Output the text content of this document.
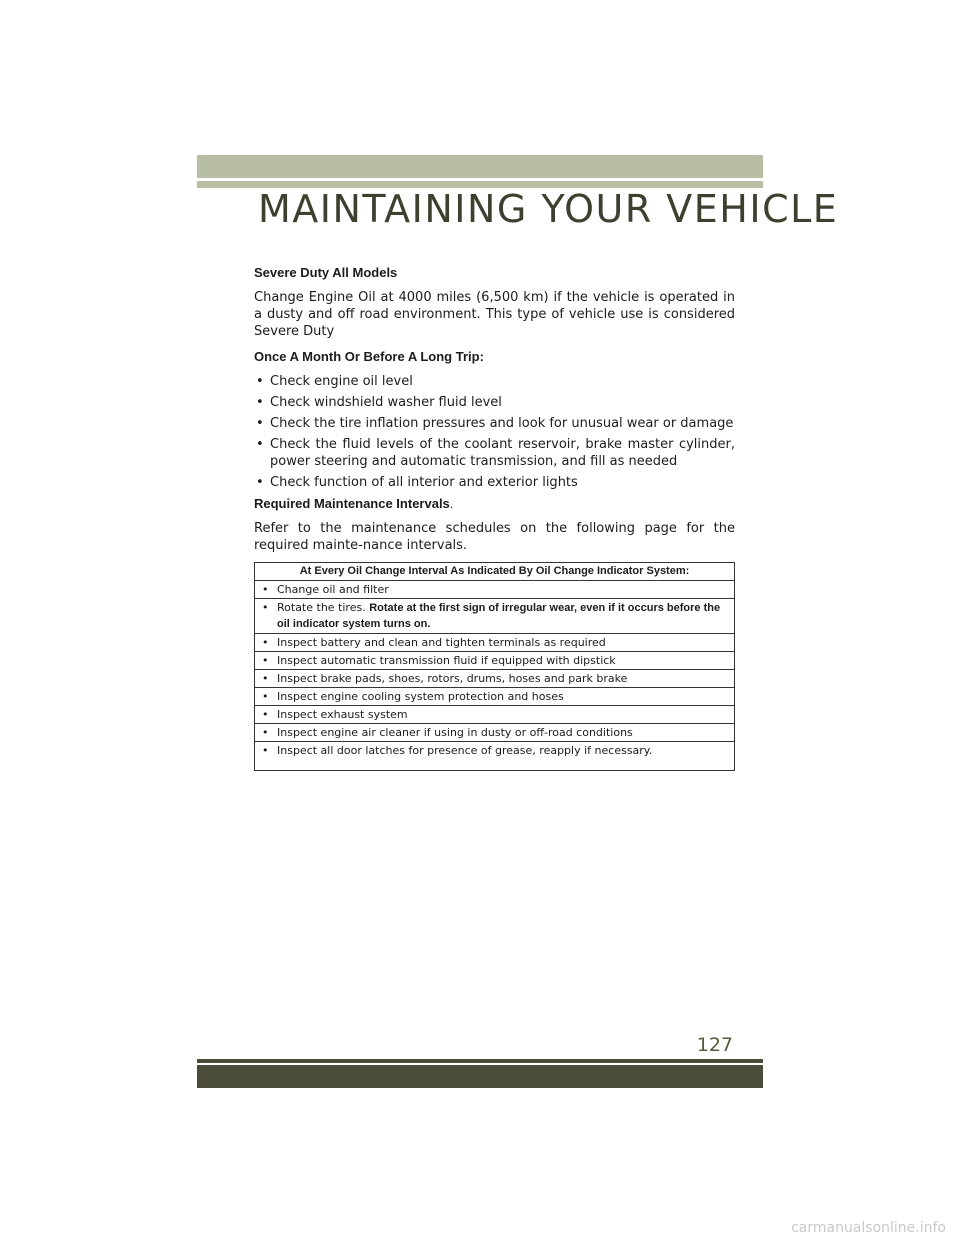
MAINTAINING YOUR VEHICLE

Severe Duty All Models

Change Engine Oil at 4000 miles (6,500 km) if the vehicle is operated in a dusty and off road environment. This type of vehicle use is considered Severe Duty

Once A Month Or Before A Long Trip:

• Check engine oil level
• Check windshield washer fluid level
• Check the tire inflation pressures and look for unusual wear or damage
• Check the fluid levels of the coolant reservoir, brake master cylinder, power steering and automatic transmission, and fill as needed
• Check function of all interior and exterior lights

Required Maintenance Intervals.

Refer to the maintenance schedules on the following page for the required mainte-nance intervals.

At Every Oil Change Interval As Indicated By Oil Change Indicator System:
• Change oil and filter
• Rotate the tires. Rotate at the first sign of irregular wear, even if it occurs before the oil indicator system turns on.
• Inspect battery and clean and tighten terminals as required
• Inspect automatic transmission fluid if equipped with dipstick
• Inspect brake pads, shoes, rotors, drums, hoses and park brake
• Inspect engine cooling system protection and hoses
• Inspect exhaust system
• Inspect engine air cleaner if using in dusty or off-road conditions
• Inspect all door latches for presence of grease, reapply if necessary.
127
carmanualsonline.info
